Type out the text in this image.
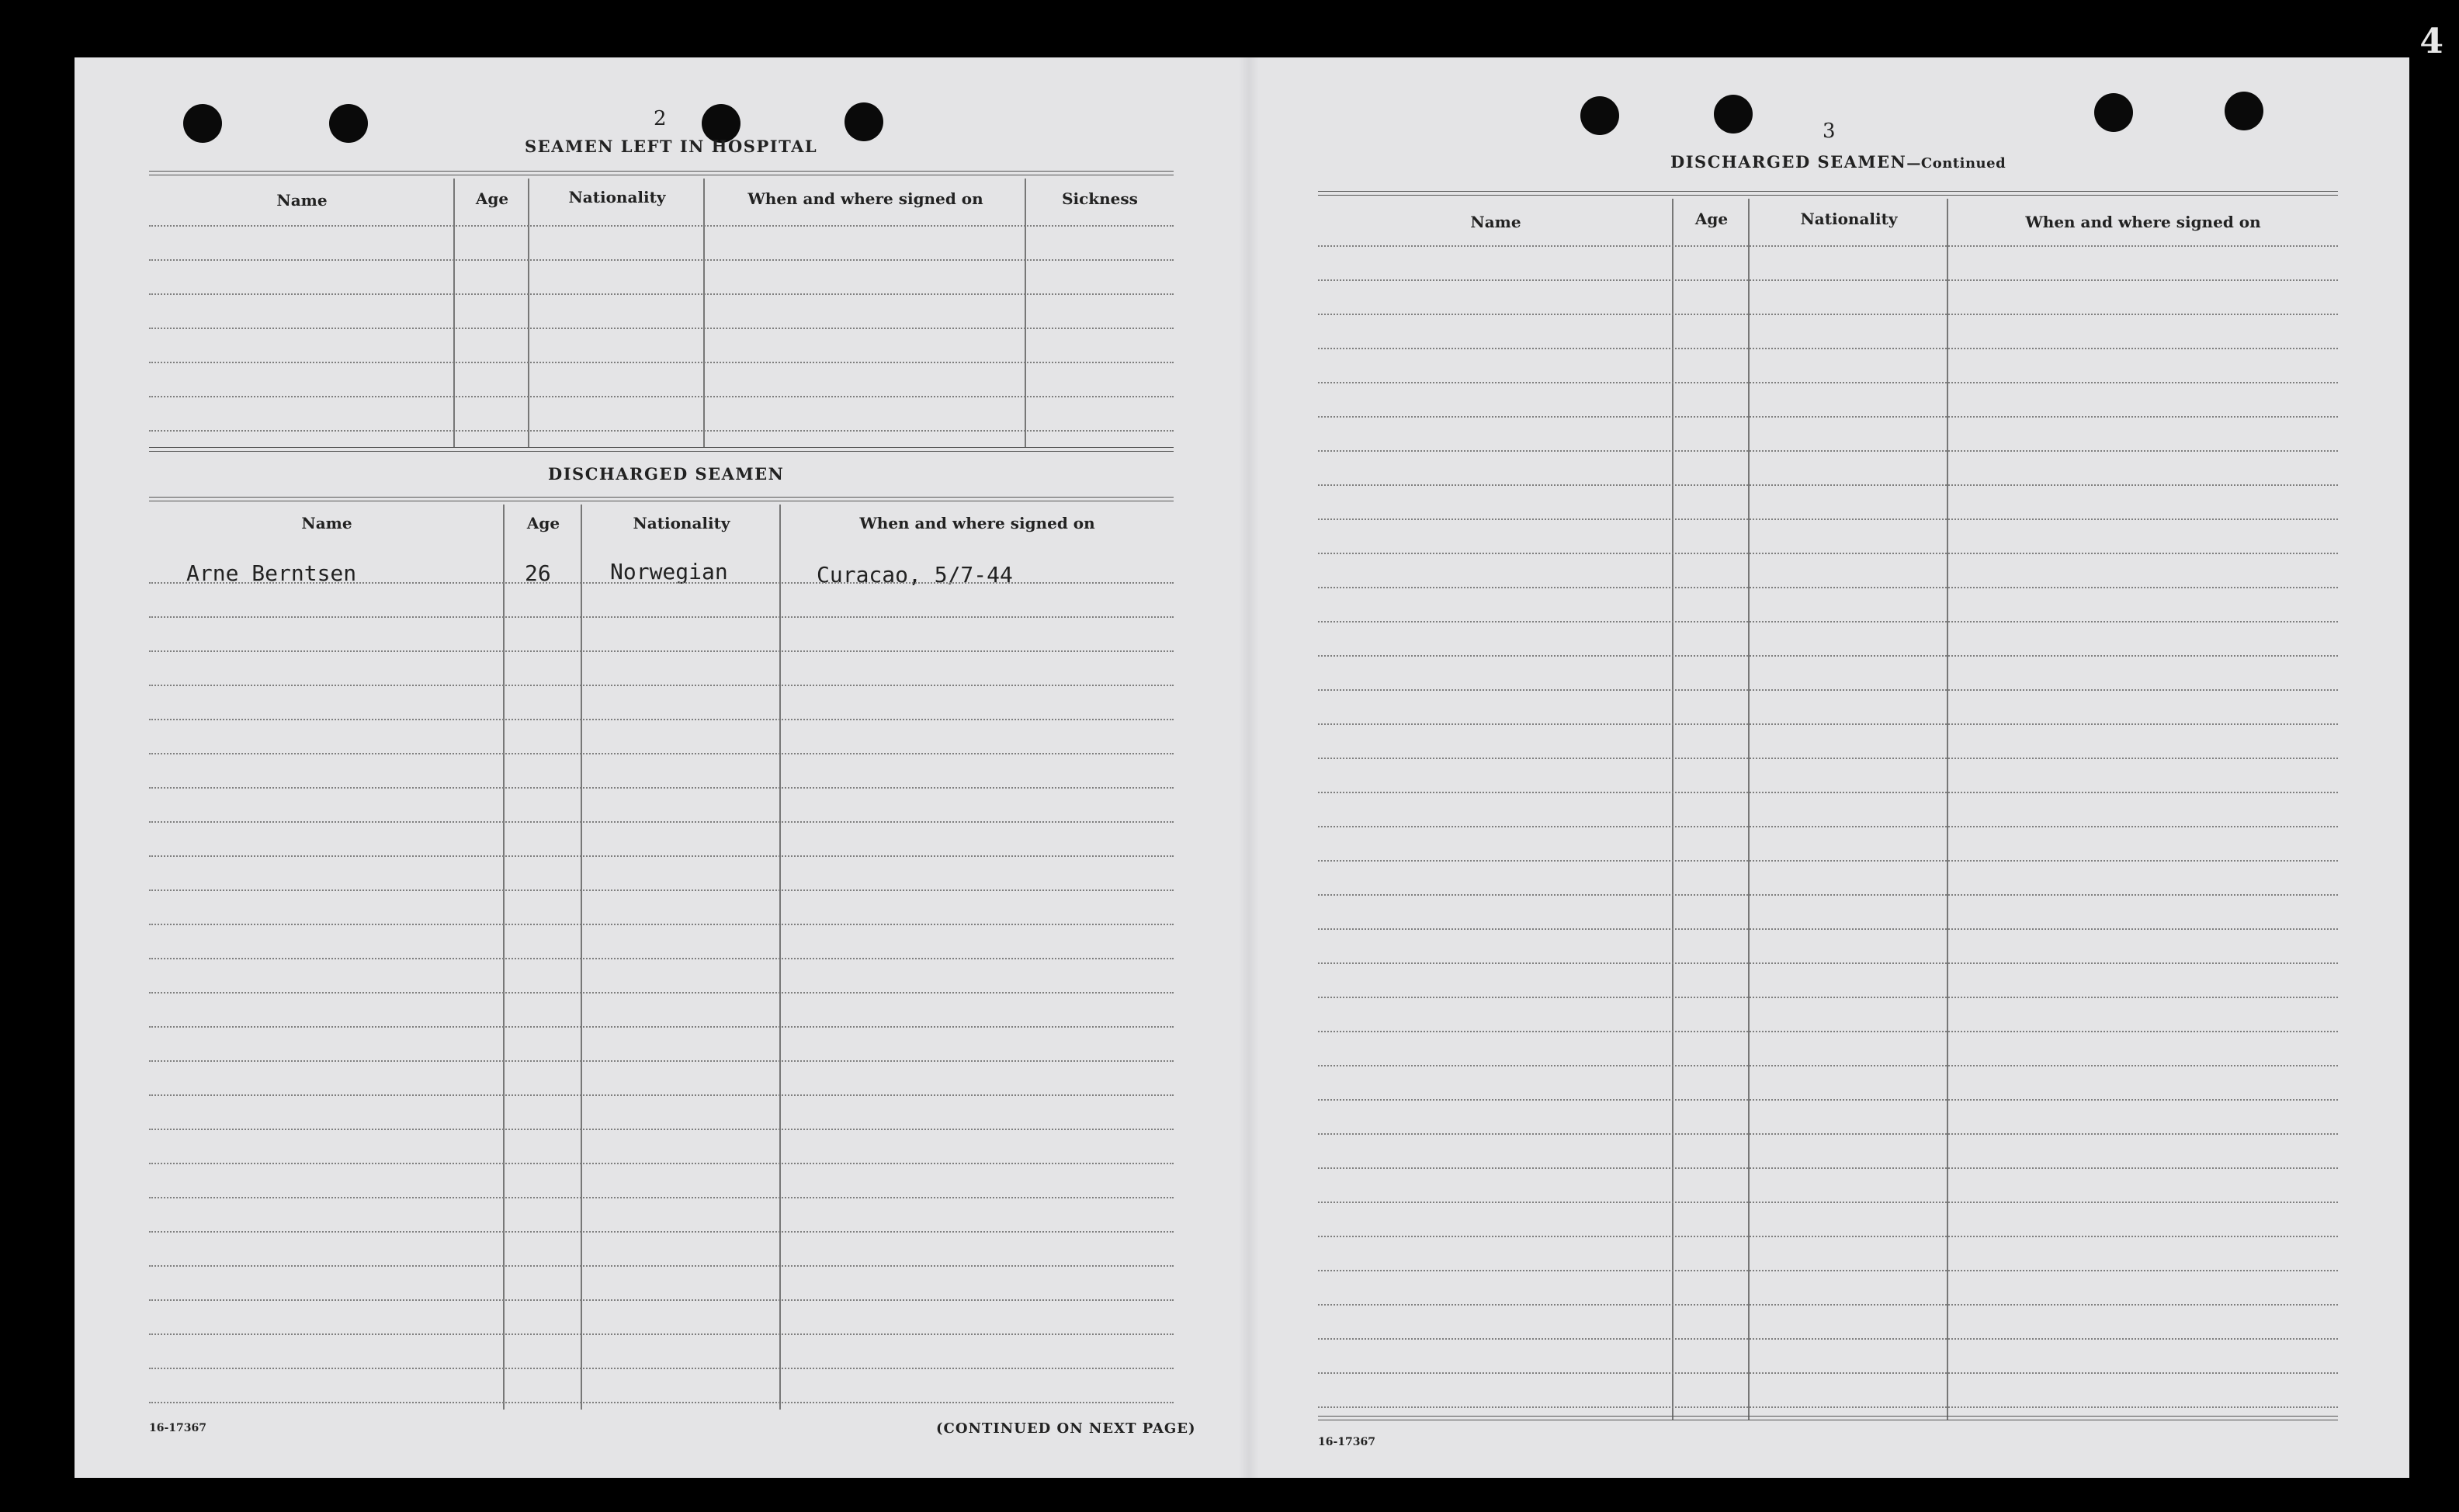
4
2
SEAMEN LEFT IN HOSPITAL
Name	Age	Nationality	When and where signed on	Sickness
DISCHARGED SEAMEN
Name	Age	Nationality	When and where signed on
Arne Berntsen	26	Norwegian	Curacao, 5/7-44
16-17367	(CONTINUED ON NEXT PAGE)
3
DISCHARGED SEAMEN—Continued
Name	Age	Nationality	When and where signed on
16-17367
